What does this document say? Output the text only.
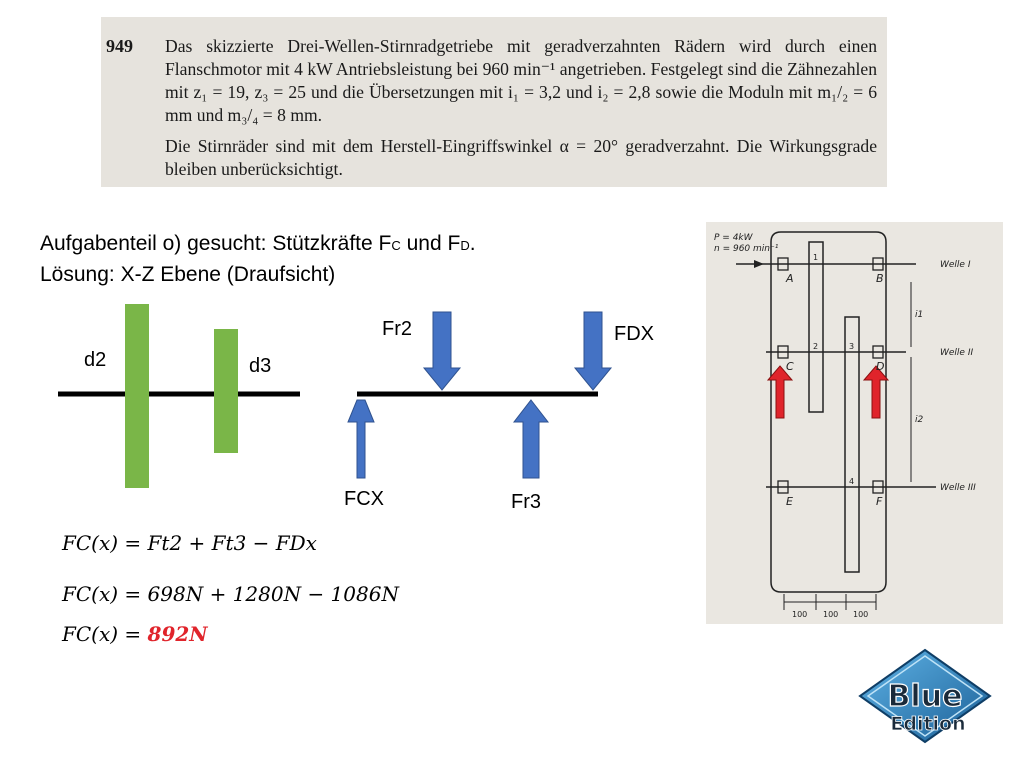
949 Das skizzierte Drei-Wellen-Stirnradgetriebe mit geradverzahnten Rädern wird durch einen Flanschmotor mit 4 kW Antriebsleistung bei 960 min⁻¹ angetrieben. Festgelegt sind die Zähnezahlen mit z₁ = 19, z₃ = 25 und die Übersetzungen mit i₁ = 3,2 und i₂ = 2,8 sowie die Moduln mit m₁/₂ = 6 mm und m₃/₄ = 8 mm.
Die Stirnräder sind mit dem Herstell-Eingriffswinkel α = 20° geradverzahnt. Die Wirkungsgrade bleiben unberücksichtigt.
Aufgabenteil o) gesucht: Stützkräfte FC und FD.
Lösung: X-Z Ebene (Draufsicht)
d2	d3
Fr2	FDX
FCX	Fr3
FC(x) = Ft2 + Ft3 − FDx
FC(x) = 698N + 1280N − 1086N
FC(x) = 892N
P = 4kW
n = 960 min⁻¹
A	B
C	D
E	F
Welle I
Welle II
Welle III
i1
i2
1
2	3
4
100 100 100
Blue
Edition
